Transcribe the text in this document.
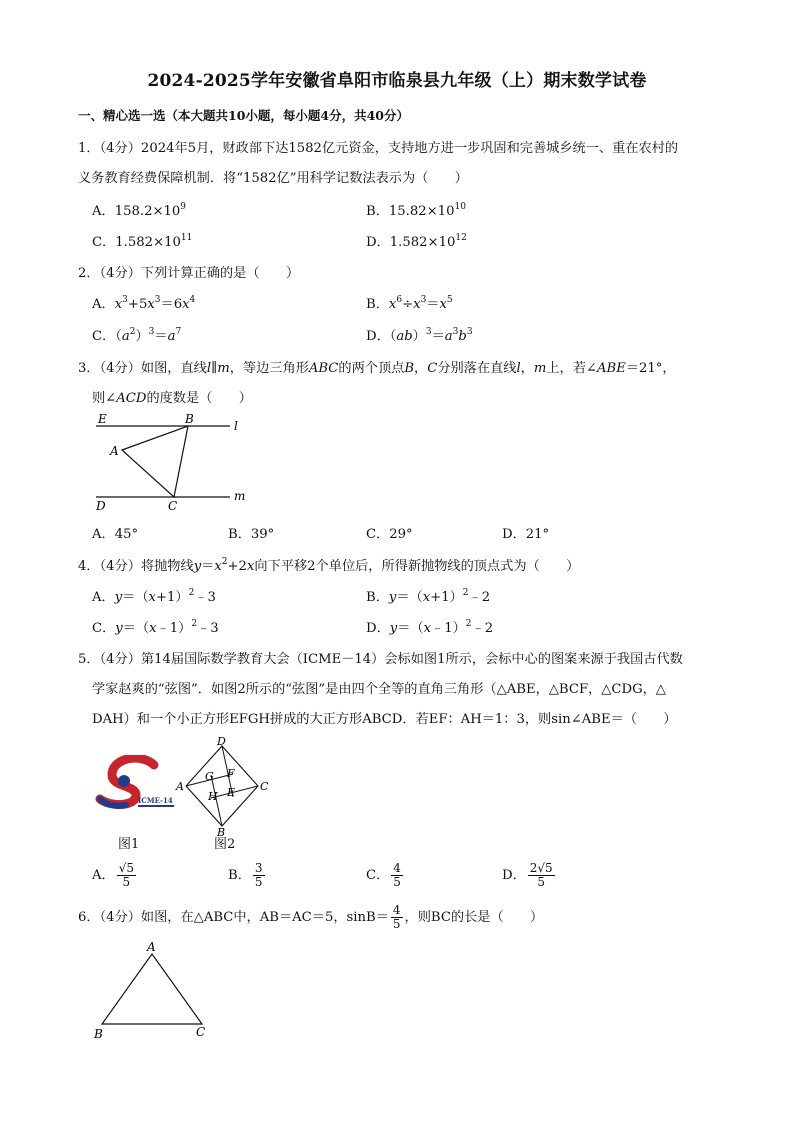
2024-2025学年安徽省阜阳市临泉县九年级（上）期末数学试卷
一、精心选一选（本大题共10小题，每小题4分，共40分）
1．（4分）2024年5月，财政部下达1582亿元资金，支持地方进一步巩固和完善城乡统一、重在农村的
义务教育经费保障机制．将“1582亿”用科学记数法表示为（　　）
A．$158.2\times 10^9$	B．$15.82\times 10^{10}$
C．$1.582\times 10^{11}$	D．$1.582\times 10^{12}$
2．（4分）下列计算正确的是（　　）
A．$x^3+5x^3=6x^4$	B．$x^6\div x^3=x^5$
C．$(a^2)^3=a^7$	D．$(ab)^3=a^3b^3$
3．（4分）如图，直线l∥m，等边三角形ABC的两个顶点B，C分别落在直线l，m上，若∠ABE＝21°，
则∠ACD的度数是（　　）
E	B	l
A
D	C
m
A．45°	B．39°	C．29°	D．21°
4．（4分）将抛物线$y=x^2+2x$向下平移2个单位后，所得新抛物线的顶点式为（　　）
A．$y=(x+1)^2﹣3$	B．$y=(x+1)^2﹣2$
C．y＝（x﹣1）$^2$﹣3	D．y＝（x﹣1）$^2$﹣2
5．（4分）第14届国际数学教育大会（ICME－14）会标如图1所示，会标中心的图案来源于我国古代数
学家赵爽的“弦图”．如图2所示的“弦图”是由四个全等的直角三角形（△ABE，△BCF，△CDG，△
DAH）和一个小正方形EFGH拼成的大正方形ABCD．若EF：AH＝1：3，则sin∠ABE＝（　　）
ICME-14
图1
D
A
G F
C
H E
B
图2
A． $\frac{√5}{5}$	B． $\frac{3}{5}$	C． $\frac{4}{5}$	D． $\frac{2√5}{5}$
6．（4分）如图，在△ABC中，AB＝AC＝5，$\sin B= \frac{4}{5}$ ，则BC的长是（　　）
A
B	C
